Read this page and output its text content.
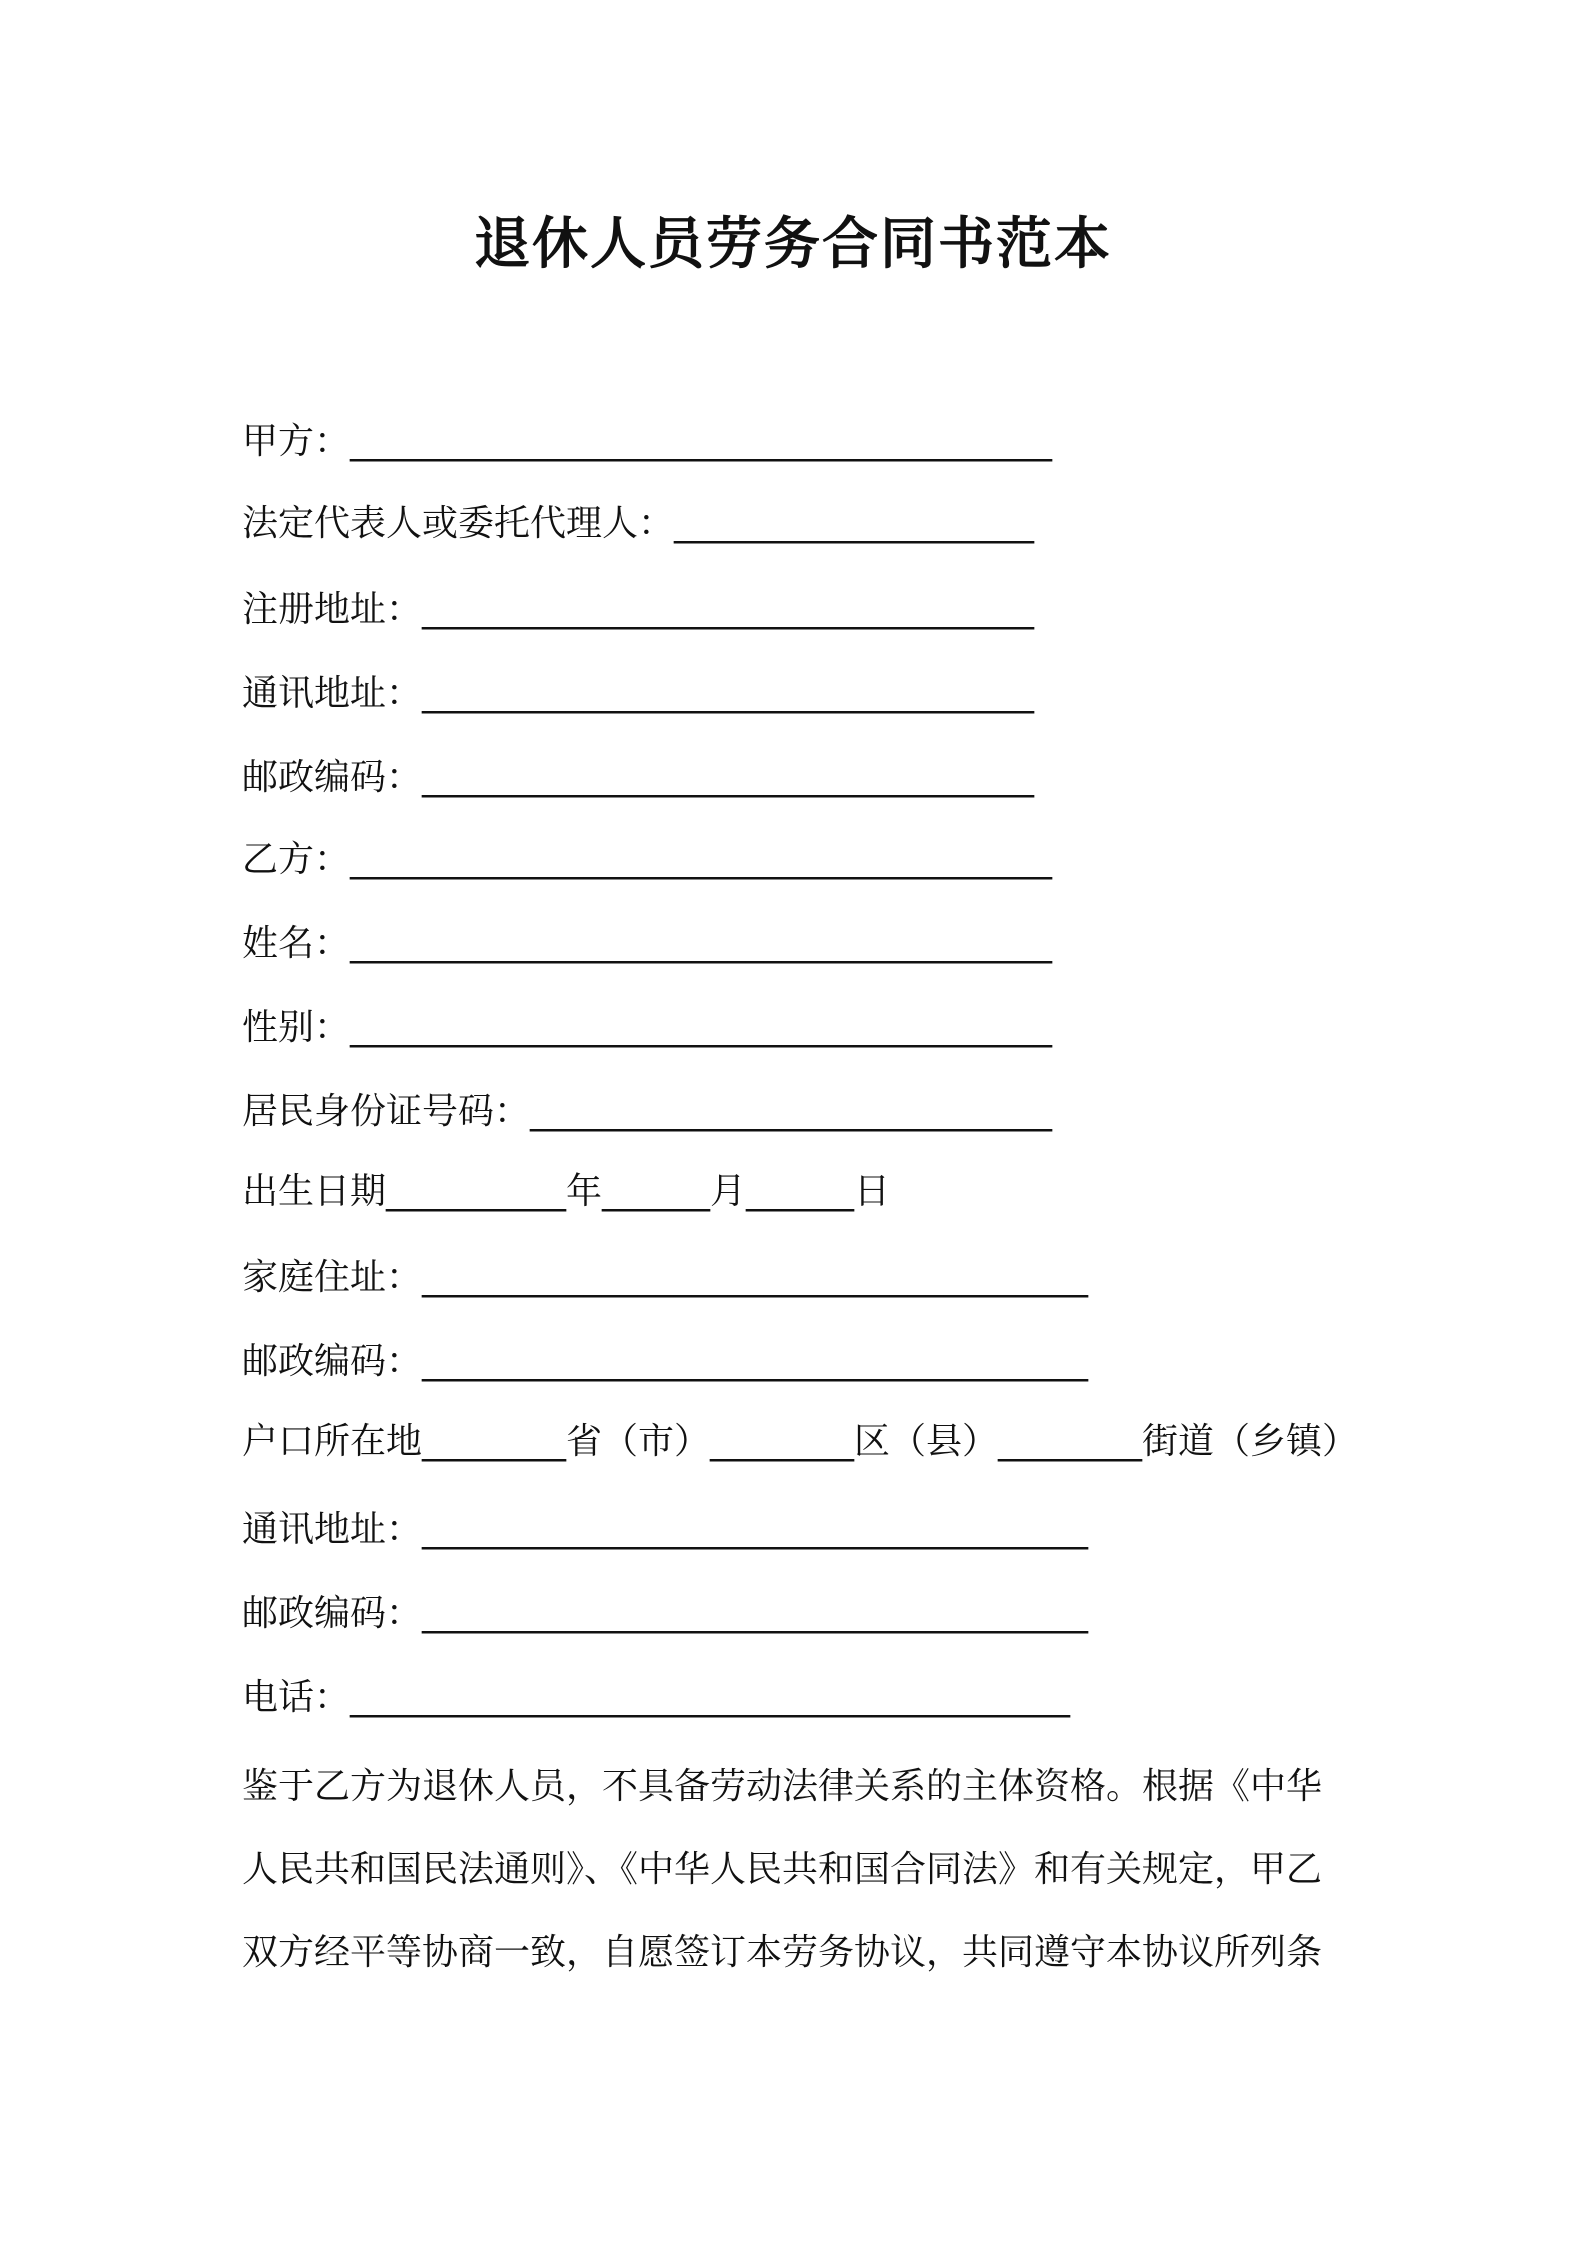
退休人员劳务合同书范本
甲方：_______________________________________
法定代表人或委托代理人：____________________
注册地址：__________________________________
通讯地址：__________________________________
邮政编码：__________________________________
乙方：_______________________________________
姓名：_______________________________________
性别：_______________________________________
居民身份证号码：_____________________________
出生日期__________年______月______日
家庭住址：_____________________________________
邮政编码：_____________________________________
户口所在地________省（市）________区（县）________街道（乡镇）
通讯地址：_____________________________________
邮政编码：_____________________________________
电话：________________________________________
鉴于乙方为退休人员，不具备劳动法律关系的主体资格。根据《中华
人民共和国民法通则》、《中华人民共和国合同法》和有关规定，甲乙
双方经平等协商一致，自愿签订本劳务协议，共同遵守本协议所列条
